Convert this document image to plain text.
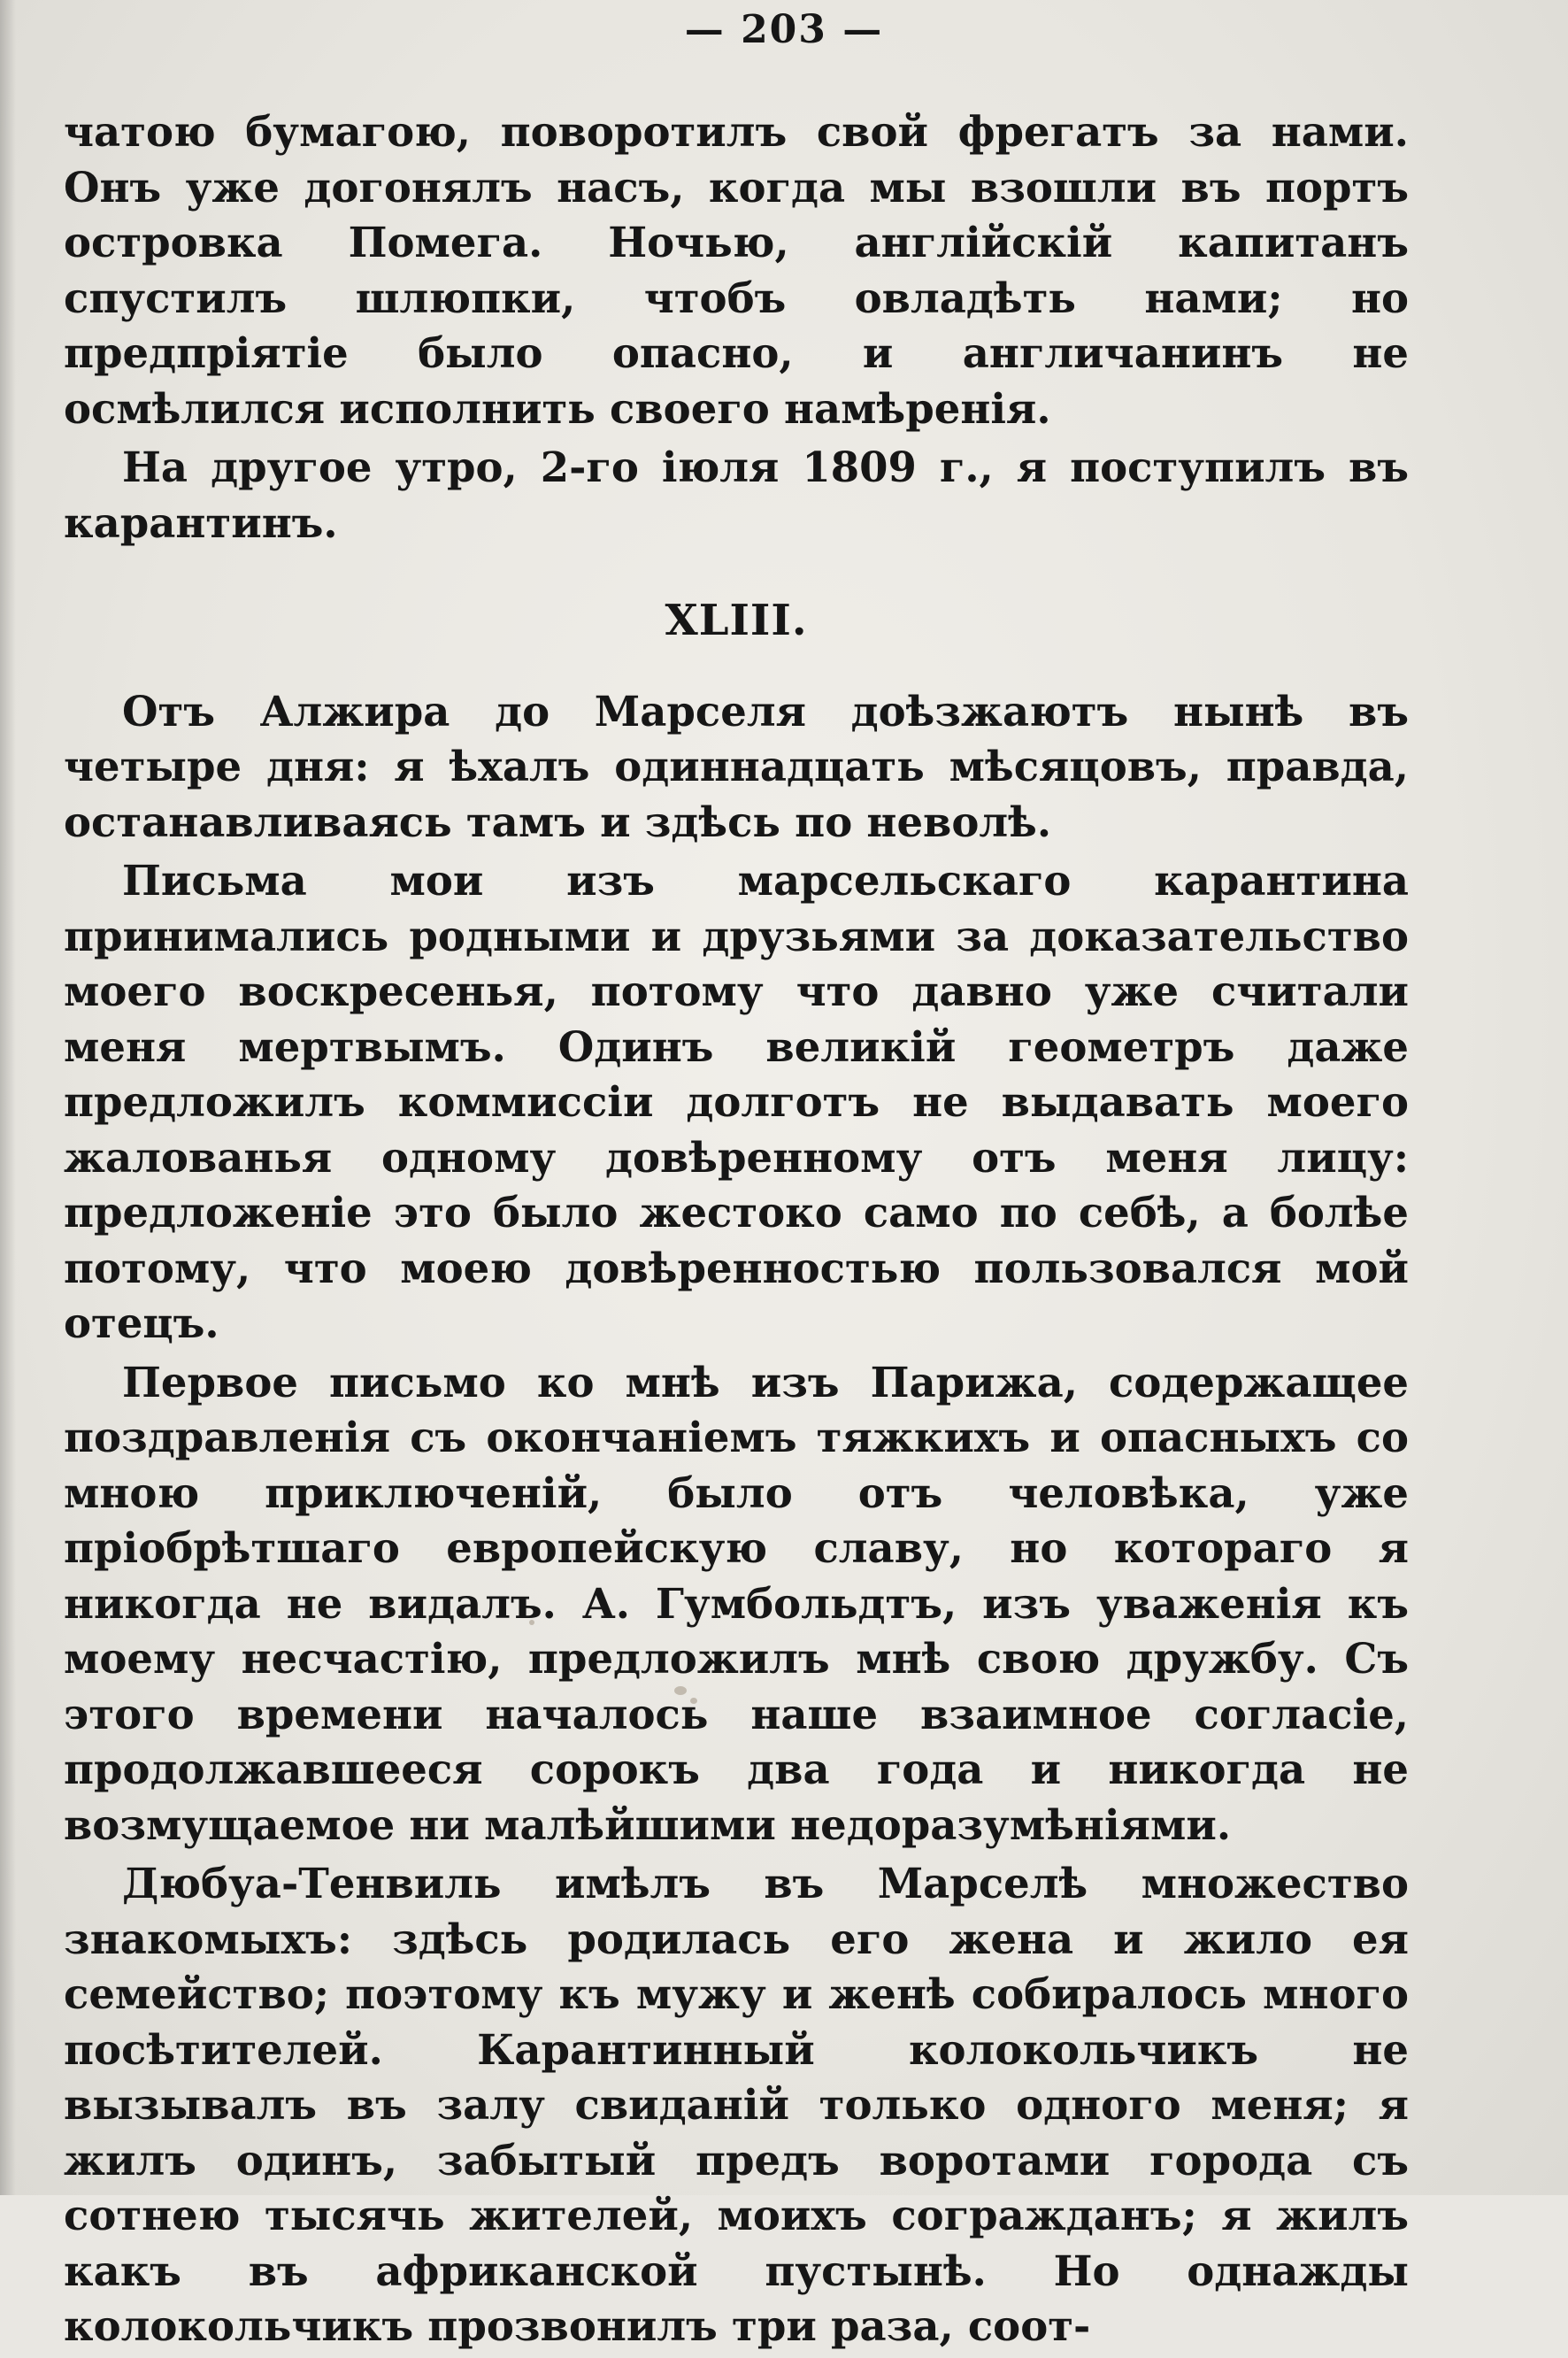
— 203 —

чатою бумагою, поворотилъ свой фрегатъ за нами. Онъ уже догонялъ насъ, когда мы взошли въ портъ островка Помега. Ночью, англійскій капитанъ спустилъ шлюпки, чтобъ овладѣть нами; но предпріятіе было опасно, и англичанинъ не осмѣлился исполнить своего намѣренія.

На другое утро, 2-го іюля 1809 г., я поступилъ въ карантинъ.

XLIII.

Отъ Алжира до Марселя доѣзжаютъ нынѣ въ четыре дня: я ѣхалъ одиннадцать мѣсяцовъ, правда, останавливаясь тамъ и здѣсь по неволѣ.

Письма мои изъ марсельскаго карантина принимались родными и друзьями за доказательство моего воскресенья, потому что давно уже считали меня мертвымъ. Одинъ великій геометръ даже предложилъ коммиссіи долготъ не выдавать моего жалованья одному довѣренному отъ меня лицу: предложеніе это было жестоко само по себѣ, а болѣе потому, что моею довѣренностью пользовался мой отецъ.

Первое письмо ко мнѣ изъ Парижа, содержащее поздравленія съ окончаніемъ тяжкихъ и опасныхъ со мною приключеній, было отъ человѣка, уже пріобрѣтшаго европейскую славу, но котораго я никогда не видалъ. А. Гумбольдтъ, изъ уваженія къ моему несчастію, предложилъ мнѣ свою дружбу. Съ этого времени началось наше взаимное согласіе, продолжавшееся сорокъ два года и никогда не возмущаемое ни малѣйшими недоразумѣніями.

Дюбуа-Тенвиль имѣлъ въ Марселѣ множество знакомыхъ: здѣсь родилась его жена и жило ея семейство; поэтому къ мужу и женѣ собиралось много посѣтителей. Карантинный колокольчикъ не вызывалъ въ залу свиданій только одного меня; я жилъ одинъ, забытый предъ воротами города съ сотнею тысячь жителей, моихъ согражданъ; я жилъ какъ въ африканской пустынѣ. Но однажды колокольчикъ прозвонилъ три раза, соот-
